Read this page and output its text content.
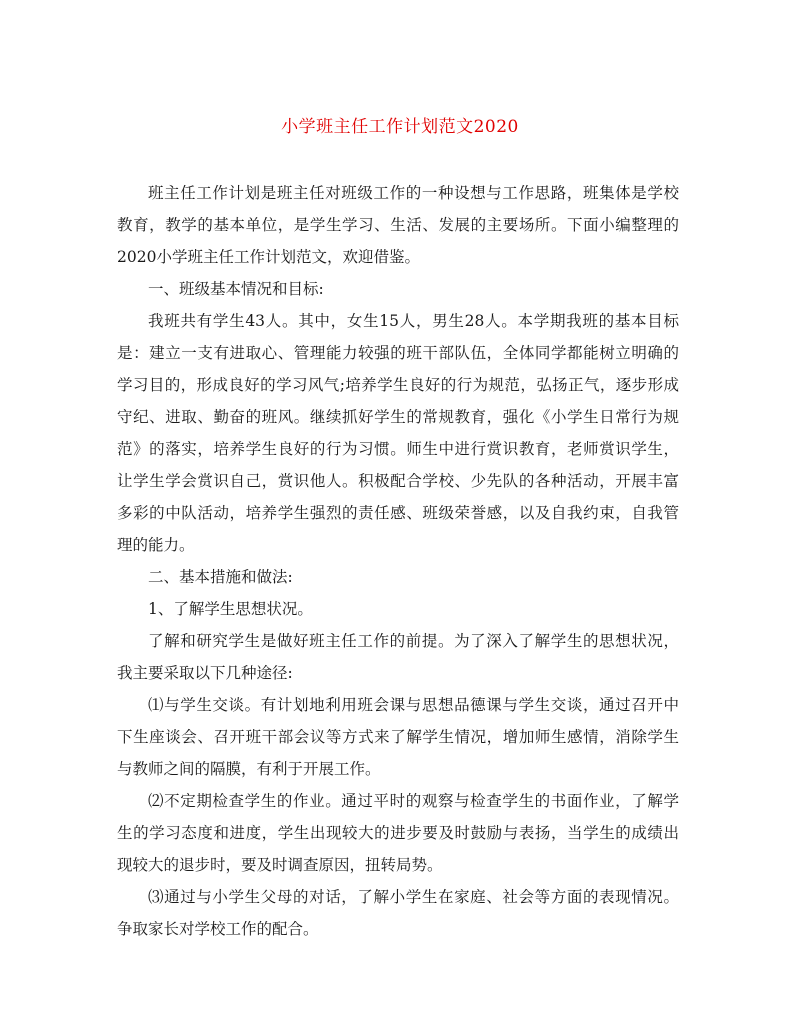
小学班主任工作计划范文2020
班主任工作计划是班主任对班级工作的一种设想与工作思路，班集体是学校
教育，教学的基本单位，是学生学习、生活、发展的主要场所。下面小编整理的
2020小学班主任工作计划范文，欢迎借鉴。
一、班级基本情况和目标:
我班共有学生43人。其中，女生15人，男生28人。本学期我班的基本目标
是：建立一支有进取心、管理能力较强的班干部队伍，全体同学都能树立明确的
学习目的，形成良好的学习风气;培养学生良好的行为规范，弘扬正气，逐步形成
守纪、进取、勤奋的班风。继续抓好学生的常规教育，强化《小学生日常行为规
范》的落实，培养学生良好的行为习惯。师生中进行赏识教育，老师赏识学生，
让学生学会赏识自己，赏识他人。积极配合学校、少先队的各种活动，开展丰富
多彩的中队活动，培养学生强烈的责任感、班级荣誉感，以及自我约束，自我管
理的能力。
二、基本措施和做法:
1、了解学生思想状况。
了解和研究学生是做好班主任工作的前提。为了深入了解学生的思想状况，
我主要采取以下几种途径:
⑴与学生交谈。有计划地利用班会课与思想品德课与学生交谈，通过召开中
下生座谈会、召开班干部会议等方式来了解学生情况，增加师生感情，消除学生
与教师之间的隔膜，有利于开展工作。
⑵不定期检查学生的作业。通过平时的观察与检查学生的书面作业，了解学
生的学习态度和进度，学生出现较大的进步要及时鼓励与表扬，当学生的成绩出
现较大的退步时，要及时调查原因，扭转局势。
⑶通过与小学生父母的对话，了解小学生在家庭、社会等方面的表现情况。
争取家长对学校工作的配合。
